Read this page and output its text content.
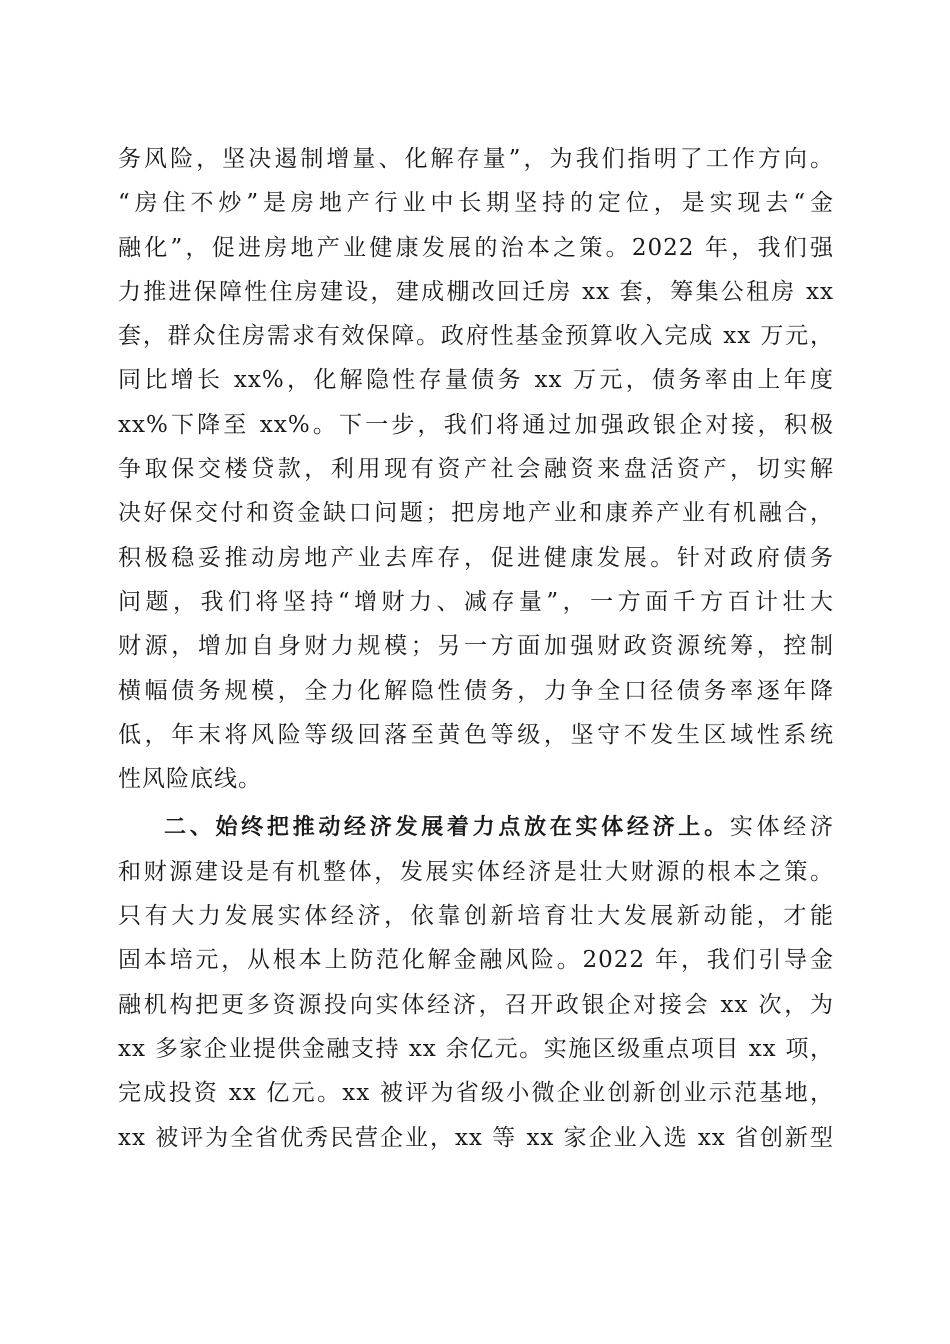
务风险，坚决遏制增量、化解存量”，为我们指明了工作方向。
“房住不炒”是房地产行业中长期坚持的定位，是实现去“金
融化”，促进房地产业健康发展的治本之策。2022 年，我们强
力推进保障性住房建设，建成棚改回迁房 xx 套，筹集公租房 xx
套，群众住房需求有效保障。政府性基金预算收入完成 xx 万元，
同比增长 xx%，化解隐性存量债务 xx 万元，债务率由上年度
xx%下降至 xx%。下一步，我们将通过加强政银企对接，积极
争取保交楼贷款，利用现有资产社会融资来盘活资产，切实解
决好保交付和资金缺口问题；把房地产业和康养产业有机融合，
积极稳妥推动房地产业去库存，促进健康发展。针对政府债务
问题，我们将坚持“增财力、减存量”，一方面千方百计壮大
财源，增加自身财力规模；另一方面加强财政资源统筹，控制
横幅债务规模，全力化解隐性债务，力争全口径债务率逐年降
低，年末将风险等级回落至黄色等级，坚守不发生区域性系统
性风险底线。
二、始终把推动经济发展着力点放在实体经济上。实体经济
和财源建设是有机整体，发展实体经济是壮大财源的根本之策。
只有大力发展实体经济，依靠创新培育壮大发展新动能，才能
固本培元，从根本上防范化解金融风险。2022 年，我们引导金
融机构把更多资源投向实体经济，召开政银企对接会 xx 次，为
xx 多家企业提供金融支持 xx 余亿元。实施区级重点项目 xx 项，
完成投资 xx 亿元。xx 被评为省级小微企业创新创业示范基地，
xx 被评为全省优秀民营企业，xx 等 xx 家企业入选 xx 省创新型
